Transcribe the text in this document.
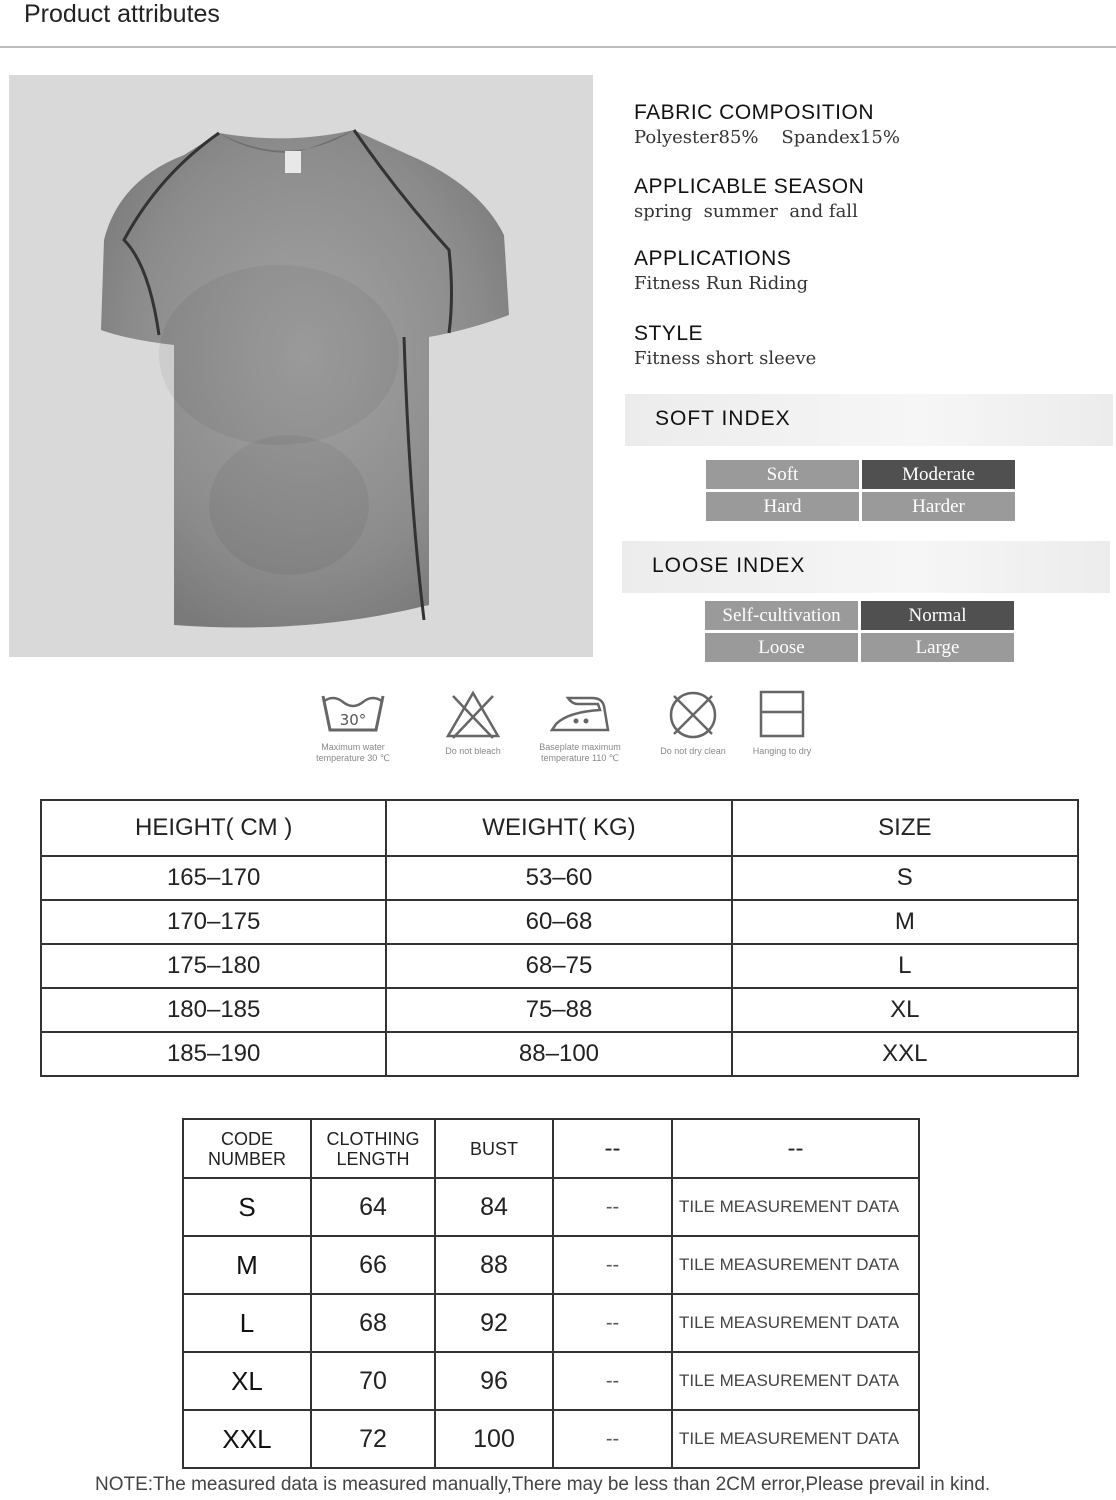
Product attributes
FABRIC COMPOSITION
Polyester85%    Spandex15%
APPLICABLE SEASON
spring  summer  and fall
APPLICATIONS
Fitness Run Riding
STYLE
Fitness short sleeve
SOFT INDEX
Soft	Moderate
Hard	Harder
LOOSE INDEX
Self-cultivation	Normal
Loose	Large
30°
Maximum water temperature 30 ℃
Do not bleach	Baseplate maximum temperature 110 ℃
Do not dry clean	Hanging to dry
HEIGHT( CM )	WEIGHT( KG)	SIZE
165–170	53–60	S
170–175	60–68	M
175–180	68–75	L
180–185	75–88	XL
185–190	88–100	XXL
CODE NUMBER	CLOTHING LENGTH	BUST	--	--
S	64	84	--	TILE MEASUREMENT DATA
M	66	88	--	TILE MEASUREMENT DATA
L	68	92	--	TILE MEASUREMENT DATA
XL	70	96	--	TILE MEASUREMENT DATA
XXL	72	100	--	TILE MEASUREMENT DATA
NOTE:The measured data is measured manually,There may be less than 2CM error,Please prevail in kind.
